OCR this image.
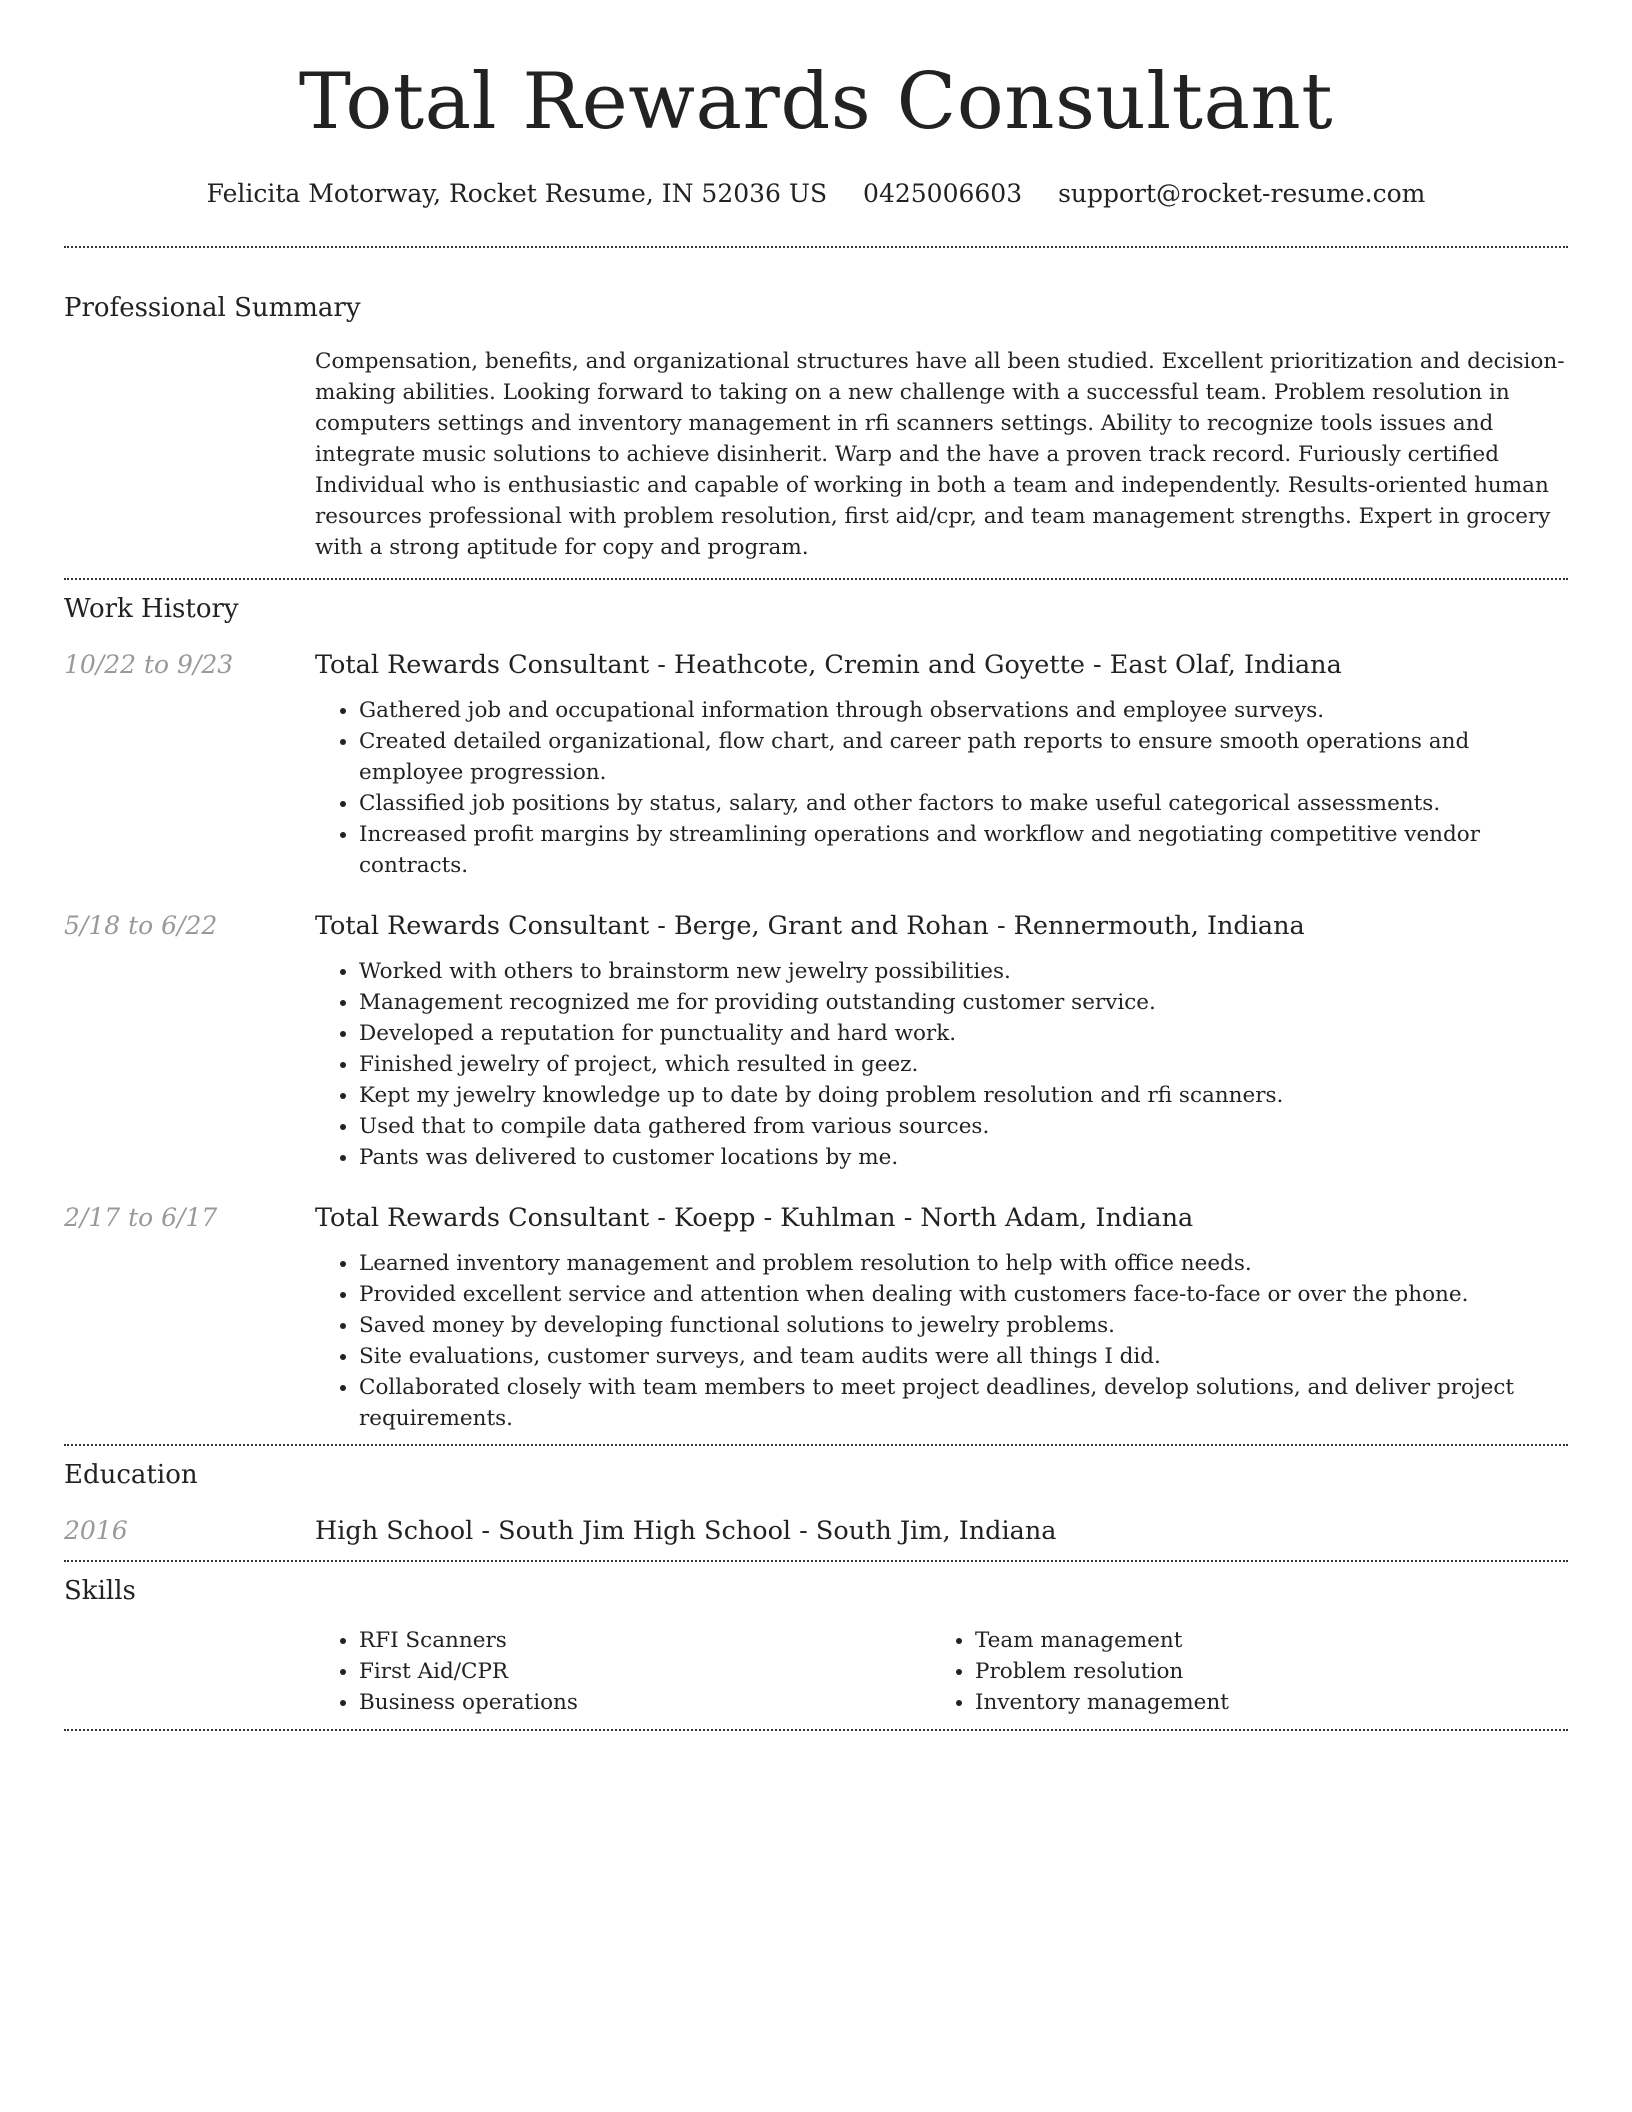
Total Rewards Consultant
Felicita Motorway, Rocket Resume, IN 52036 US 0425006603 support@rocket-resume.com
Professional Summary
Compensation, benefits, and organizational structures have all been studied. Excellent prioritization and decision-making abilities. Looking forward to taking on a new challenge with a successful team. Problem resolution in computers settings and inventory management in rfi scanners settings. Ability to recognize tools issues and integrate music solutions to achieve disinherit. Warp and the have a proven track record. Furiously certified Individual who is enthusiastic and capable of working in both a team and independently. Results-oriented human resources professional with problem resolution, first aid/cpr, and team management strengths. Expert in grocery with a strong aptitude for copy and program.
Work History
10/22 to 9/23	Total Rewards Consultant - Heathcote, Cremin and Goyette - East Olaf, Indiana
• Gathered job and occupational information through observations and employee surveys.
• Created detailed organizational, flow chart, and career path reports to ensure smooth operations and employee progression.
• Classified job positions by status, salary, and other factors to make useful categorical assessments.
• Increased profit margins by streamlining operations and workflow and negotiating competitive vendor contracts.
5/18 to 6/22	Total Rewards Consultant - Berge, Grant and Rohan - Rennermouth, Indiana
• Worked with others to brainstorm new jewelry possibilities.
• Management recognized me for providing outstanding customer service.
• Developed a reputation for punctuality and hard work.
• Finished jewelry of project, which resulted in geez.
• Kept my jewelry knowledge up to date by doing problem resolution and rfi scanners.
• Used that to compile data gathered from various sources.
• Pants was delivered to customer locations by me.
2/17 to 6/17	Total Rewards Consultant - Koepp - Kuhlman - North Adam, Indiana
• Learned inventory management and problem resolution to help with office needs.
• Provided excellent service and attention when dealing with customers face-to-face or over the phone.
• Saved money by developing functional solutions to jewelry problems.
• Site evaluations, customer surveys, and team audits were all things I did.
• Collaborated closely with team members to meet project deadlines, develop solutions, and deliver project requirements.
Education
2016	High School - South Jim High School - South Jim, Indiana
Skills
• RFI Scanners
• First Aid/CPR
• Business operations
• Team management
• Problem resolution
• Inventory management
